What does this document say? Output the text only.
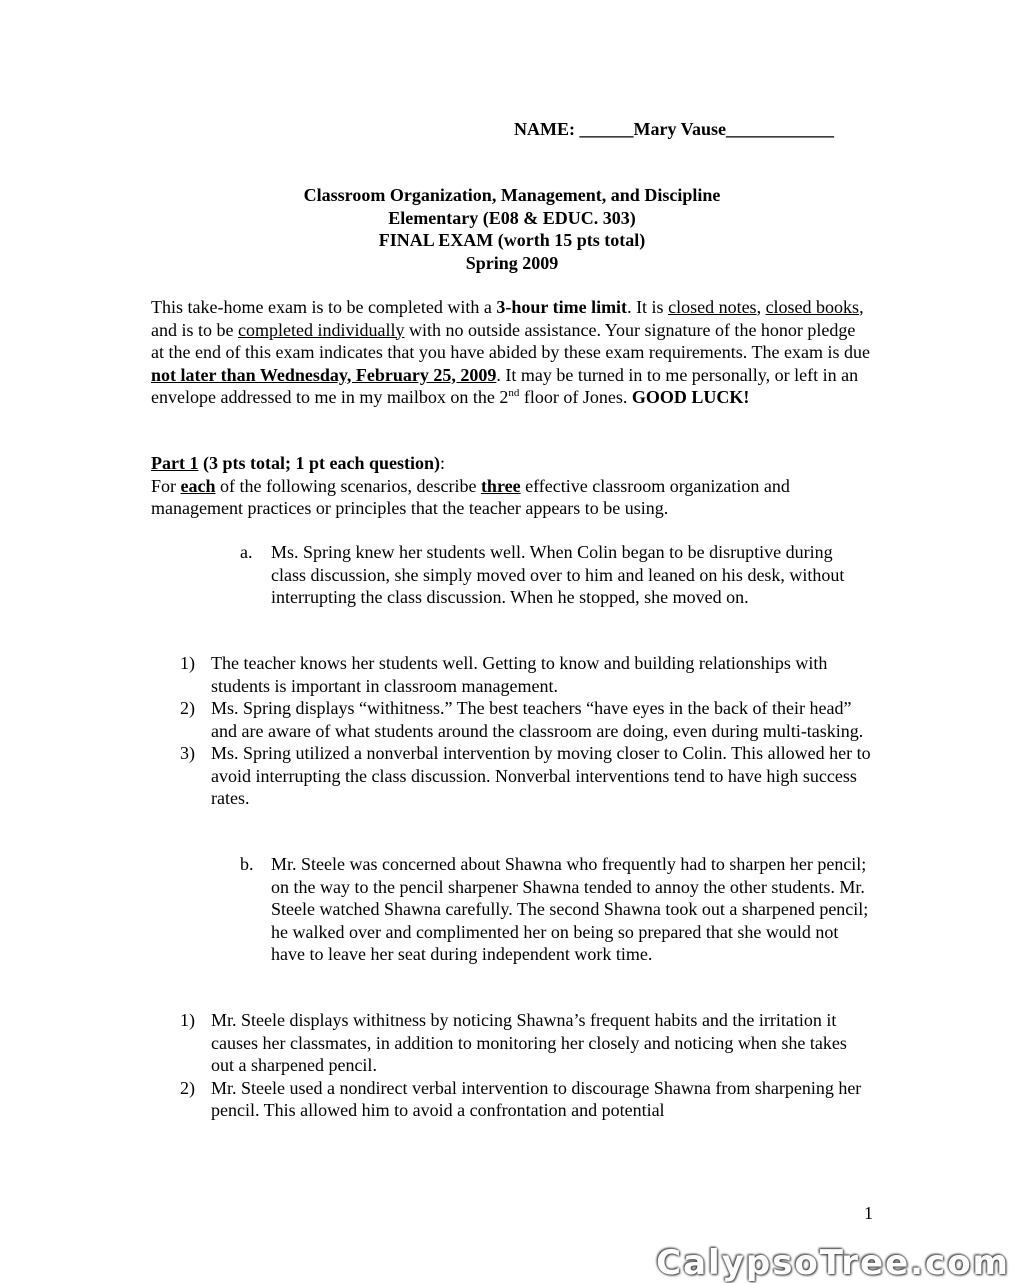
NAME: ______Mary Vause____________
Classroom Organization, Management, and Discipline
Elementary (E08 & EDUC. 303)
FINAL EXAM (worth 15 pts total)
Spring 2009
This take-home exam is to be completed with a 3-hour time limit. It is closed notes, closed books, and is to be completed individually with no outside assistance. Your signature of the honor pledge at the end of this exam indicates that you have abided by these exam requirements. The exam is due not later than Wednesday, February 25, 2009. It may be turned in to me personally, or left in an envelope addressed to me in my mailbox on the 2nd floor of Jones. GOOD LUCK!
Part 1 (3 pts total; 1 pt each question):
For each of the following scenarios, describe three effective classroom organization and management practices or principles that the teacher appears to be using.
a. Ms. Spring knew her students well. When Colin began to be disruptive during class discussion, she simply moved over to him and leaned on his desk, without interrupting the class discussion. When he stopped, she moved on.
1) The teacher knows her students well. Getting to know and building relationships with students is important in classroom management.
2) Ms. Spring displays “withitness.” The best teachers “have eyes in the back of their head” and are aware of what students around the classroom are doing, even during multi-tasking.
3) Ms. Spring utilized a nonverbal intervention by moving closer to Colin. This allowed her to avoid interrupting the class discussion. Nonverbal interventions tend to have high success rates.
b. Mr. Steele was concerned about Shawna who frequently had to sharpen her pencil; on the way to the pencil sharpener Shawna tended to annoy the other students. Mr. Steele watched Shawna carefully. The second Shawna took out a sharpened pencil; he walked over and complimented her on being so prepared that she would not have to leave her seat during independent work time.
1) Mr. Steele displays withitness by noticing Shawna’s frequent habits and the irritation it causes her classmates, in addition to monitoring her closely and noticing when she takes out a sharpened pencil.
2) Mr. Steele used a nondirect verbal intervention to discourage Shawna from sharpening her pencil. This allowed him to avoid a confrontation and potential
1
CalypsoTree.com
